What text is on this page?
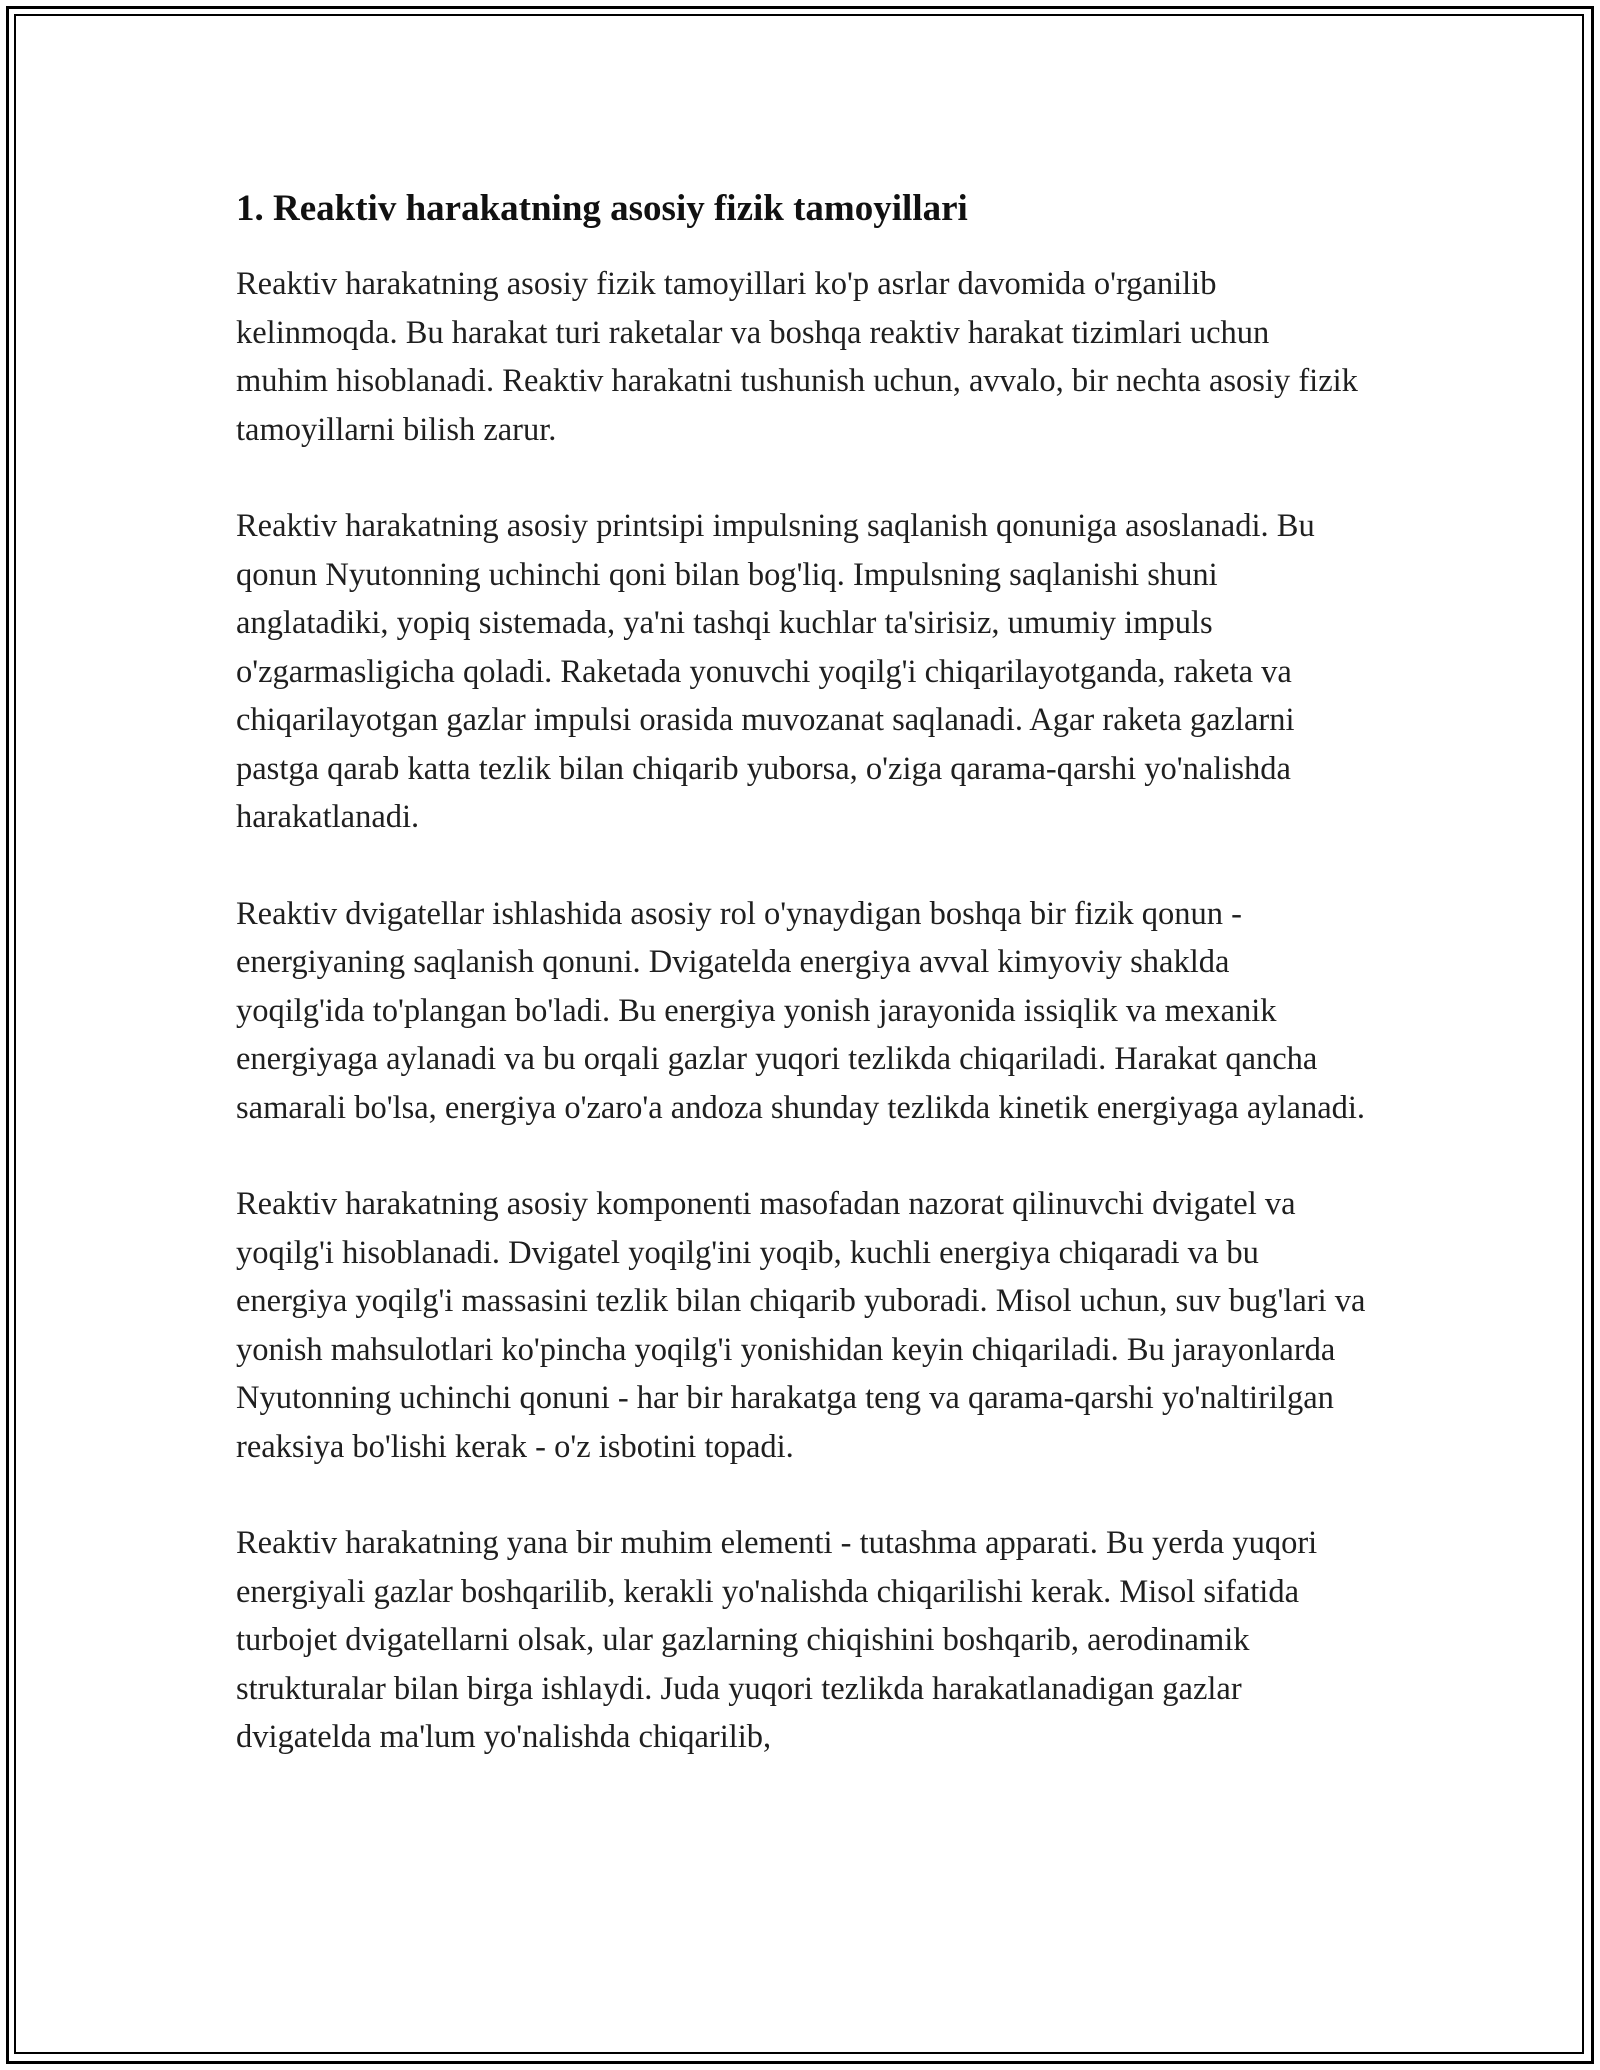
1. Reaktiv harakatning asosiy fizik tamoyillari

Reaktiv harakatning asosiy fizik tamoyillari ko'p asrlar davomida o'rganilib kelinmoqda. Bu harakat turi raketalar va boshqa reaktiv harakat tizimlari uchun muhim hisoblanadi. Reaktiv harakatni tushunish uchun, avvalo, bir nechta asosiy fizik tamoyillarni bilish zarur.

Reaktiv harakatning asosiy printsipi impulsning saqlanish qonuniga asoslanadi. Bu qonun Nyutonning uchinchi qoni bilan bog'liq. Impulsning saqlanishi shuni anglatadiki, yopiq sistemada, ya'ni tashqi kuchlar ta'sirisiz, umumiy impuls o'zgarmasligicha qoladi. Raketada yonuvchi yoqilg'i chiqarilayotganda, raketa va chiqarilayotgan gazlar impulsi orasida muvozanat saqlanadi. Agar raketa gazlarni pastga qarab katta tezlik bilan chiqarib yuborsa, o'ziga qarama-qarshi yo'nalishda harakatlanadi.

Reaktiv dvigatellar ishlashida asosiy rol o'ynaydigan boshqa bir fizik qonun - energiyaning saqlanish qonuni. Dvigatelda energiya avval kimyoviy shaklda yoqilg'ida to'plangan bo'ladi. Bu energiya yonish jarayonida issiqlik va mexanik energiyaga aylanadi va bu orqali gazlar yuqori tezlikda chiqariladi. Harakat qancha samarali bo'lsa, energiya o'zaro'a andoza shunday tezlikda kinetik energiyaga aylanadi.

Reaktiv harakatning asosiy komponenti masofadan nazorat qilinuvchi dvigatel va yoqilg'i hisoblanadi. Dvigatel yoqilg'ini yoqib, kuchli energiya chiqaradi va bu energiya yoqilg'i massasini tezlik bilan chiqarib yuboradi. Misol uchun, suv bug'lari va yonish mahsulotlari ko'pincha yoqilg'i yonishidan keyin chiqariladi. Bu jarayonlarda Nyutonning uchinchi qonuni - har bir harakatga teng va qarama-qarshi yo'naltirilgan reaksiya bo'lishi kerak - o'z isbotini topadi.

Reaktiv harakatning yana bir muhim elementi - tutashma apparati. Bu yerda yuqori energiyali gazlar boshqarilib, kerakli yo'nalishda chiqarilishi kerak. Misol sifatida turbojet dvigatellarni olsak, ular gazlarning chiqishini boshqarib, aerodinamik strukturalar bilan birga ishlaydi. Juda yuqori tezlikda harakatlanadigan gazlar dvigatelda ma'lum yo'nalishda chiqarilib,
